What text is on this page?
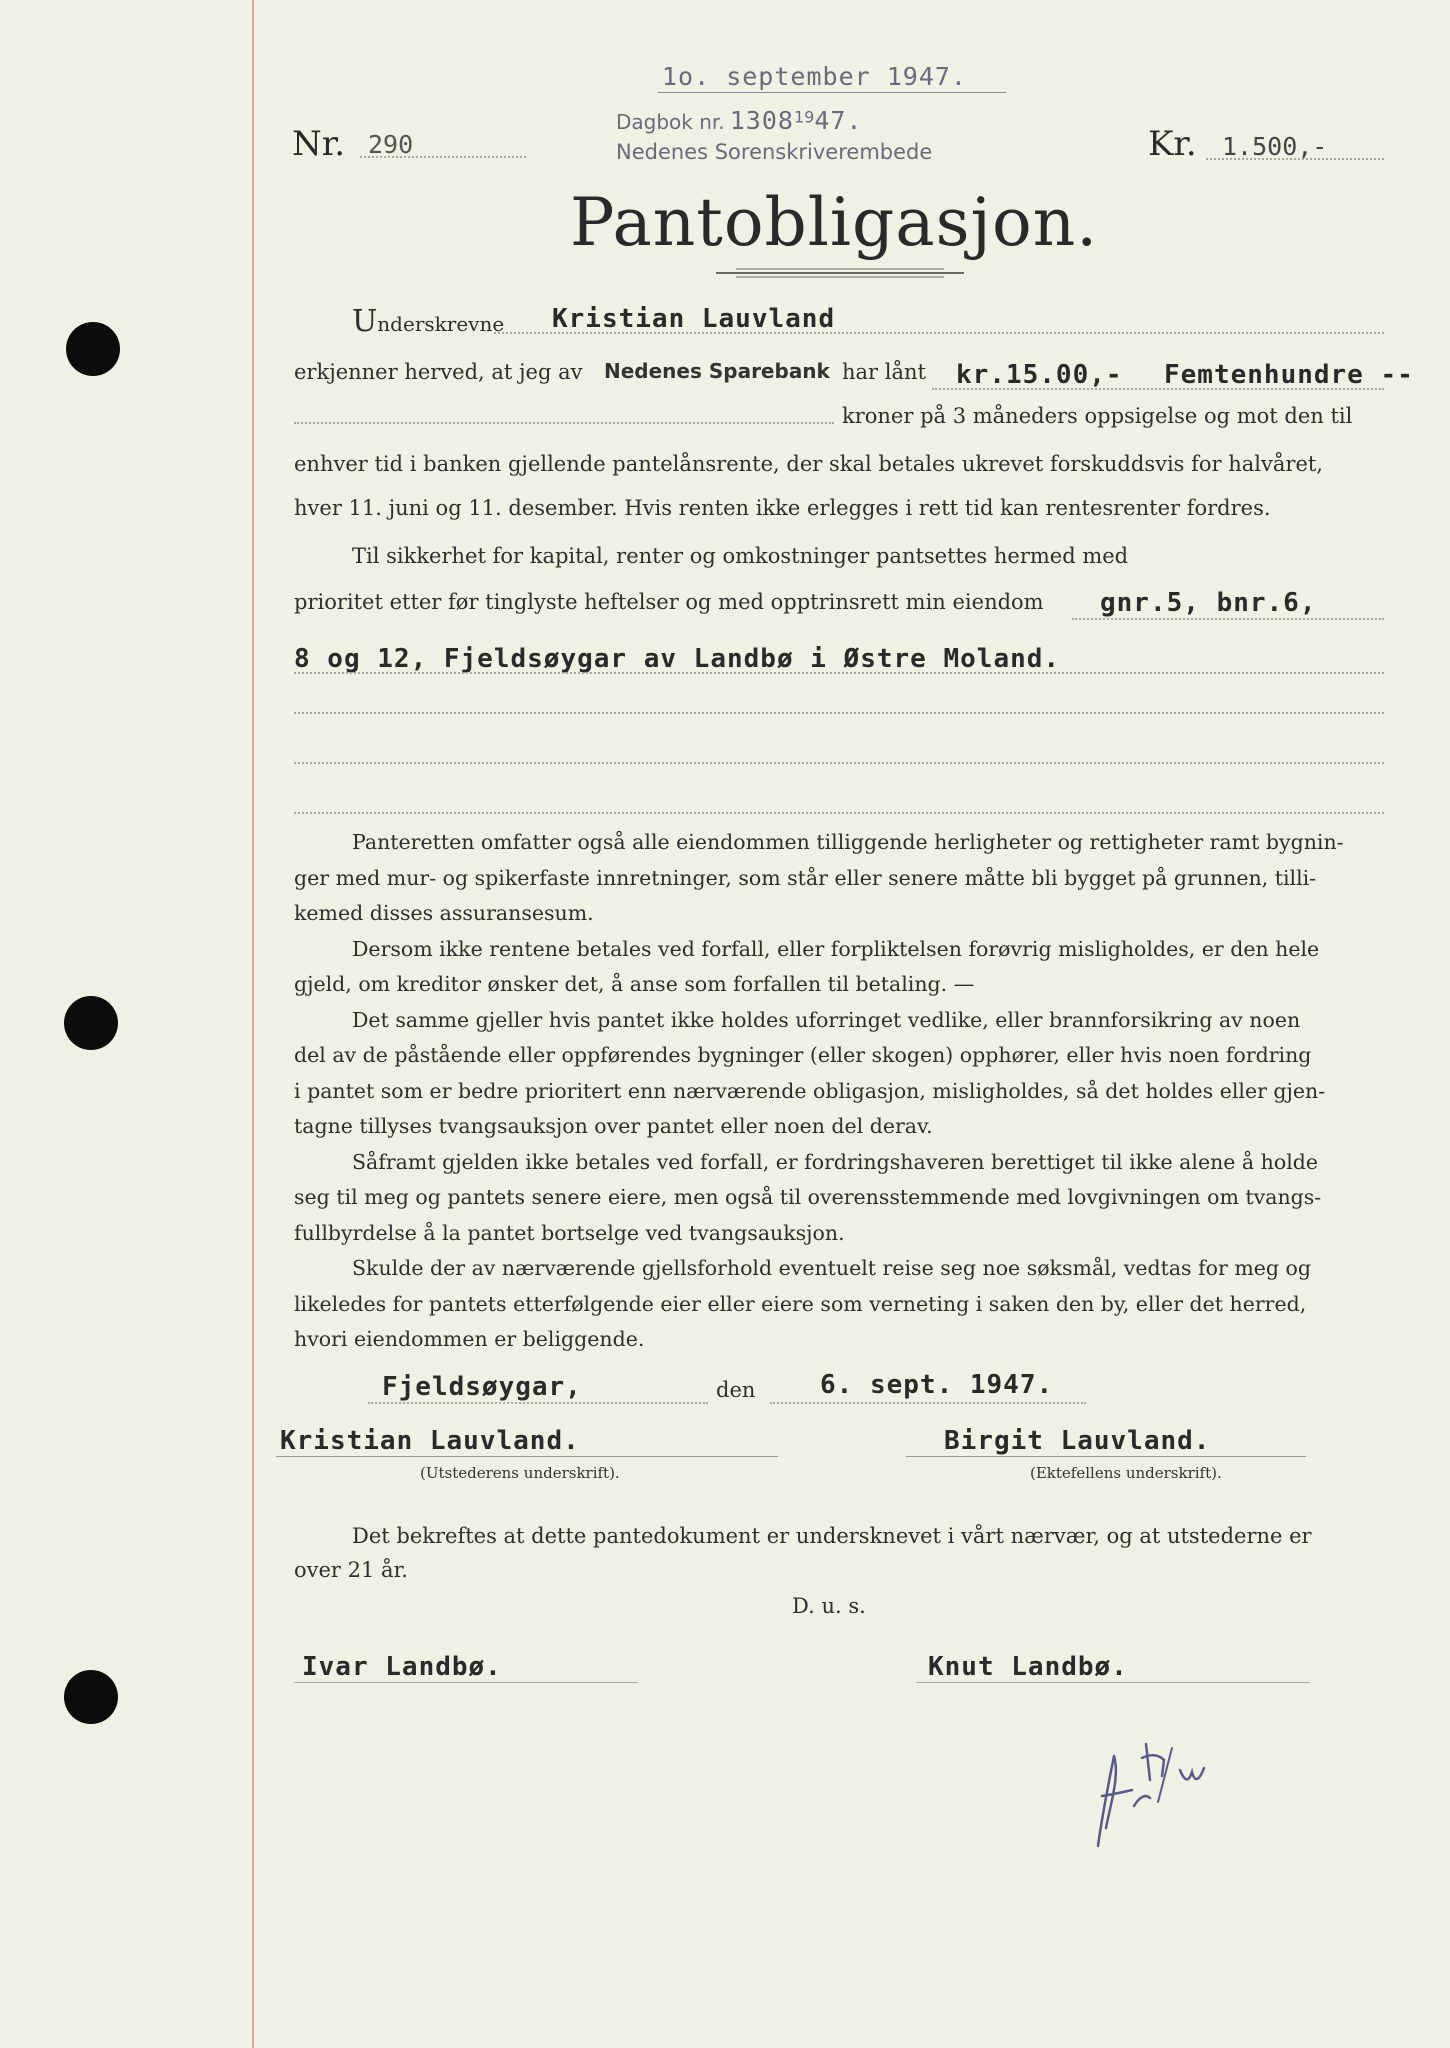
1o. september 1947.
Dagbok nr. 13081947.
Nedenes Sorenskriverembede
Nr. 290	Kr. 1.500,-
Pantobligasjon.
Underskrevne Kristian Lauvland
erkjenner herved, at jeg av Nedenes Sparebank har lånt kr.15.00,- Femtenhundre --
kroner på 3 måneders oppsigelse og mot den til
enhver tid i banken gjellende pantelånsrente, der skal betales ukrevet forskuddsvis for halvåret,
hver 11. juni og 11. desember. Hvis renten ikke erlegges i rett tid kan rentesrenter fordres.
Til sikkerhet for kapital, renter og omkostninger pantsettes hermed med
prioritet etter før tinglyste heftelser og med opptrinsrett min eiendom gnr.5, bnr.6,
8 og 12, Fjeldsøygar av Landbø i Østre Moland.
Panteretten omfatter også alle eiendommen tilliggende herligheter og rettigheter ramt bygnin-
ger med mur- og spikerfaste innretninger, som står eller senere måtte bli bygget på grunnen, tilli-
kemed disses assuransesum.
Dersom ikke rentene betales ved forfall, eller forpliktelsen forøvrig misligholdes, er den hele
gjeld, om kreditor ønsker det, å anse som forfallen til betaling. —
Det samme gjeller hvis pantet ikke holdes uforringet vedlike, eller brannforsikring av noen
del av de påstående eller oppførendes bygninger (eller skogen) opphører, eller hvis noen fordring
i pantet som er bedre prioritert enn nærværende obligasjon, misligholdes, så det holdes eller gjen-
tagne tillyses tvangsauksjon over pantet eller noen del derav.
Såframt gjelden ikke betales ved forfall, er fordringshaveren berettiget til ikke alene å holde
seg til meg og pantets senere eiere, men også til overensstemmende med lovgivningen om tvangs-
fullbyrdelse å la pantet bortselge ved tvangsauksjon.
Skulde der av nærværende gjellsforhold eventuelt reise seg noe søksmål, vedtas for meg og
likeledes for pantets etterfølgende eier eller eiere som verneting i saken den by, eller det herred,
hvori eiendommen er beliggende.
Fjeldsøygar,	den 6. sept. 1947.
Kristian Lauvland.
(Utstederens underskrift).
Birgit Lauvland.
(Ektefellens underskrift).
Det bekreftes at dette pantedokument er undersknevet i vårt nærvær, og at utstederne er
over 21 år.
D. u. s.
Ivar Landbø.	Knut Landbø.
